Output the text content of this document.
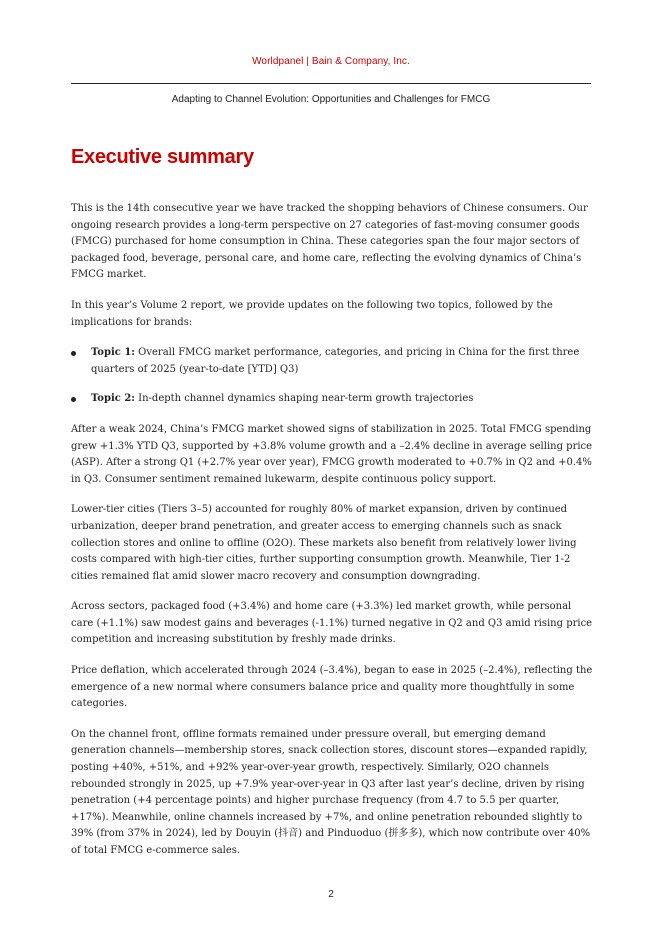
Worldpanel | Bain & Company, Inc.
Adapting to Channel Evolution: Opportunities and Challenges for FMCG
Executive summary

This is the 14th consecutive year we have tracked the shopping behaviors of Chinese consumers. Our ongoing research provides a long-term perspective on 27 categories of fast-moving consumer goods (FMCG) purchased for home consumption in China. These categories span the four major sectors of packaged food, beverage, personal care, and home care, reflecting the evolving dynamics of China’s FMCG market.

In this year’s Volume 2 report, we provide updates on the following two topics, followed by the implications for brands:

Topic 1: Overall FMCG market performance, categories, and pricing in China for the first three quarters of 2025 (year-to-date [YTD] Q3)
Topic 2: In-depth channel dynamics shaping near-term growth trajectories

After a weak 2024, China’s FMCG market showed signs of stabilization in 2025. Total FMCG spending grew +1.3% YTD Q3, supported by +3.8% volume growth and a –2.4% decline in average selling price (ASP). After a strong Q1 (+2.7% year over year), FMCG growth moderated to +0.7% in Q2 and +0.4% in Q3. Consumer sentiment remained lukewarm, despite continuous policy support.

Lower-tier cities (Tiers 3–5) accounted for roughly 80% of market expansion, driven by continued urbanization, deeper brand penetration, and greater access to emerging channels such as snack collection stores and online to offline (O2O). These markets also benefit from relatively lower living costs compared with high-tier cities, further supporting consumption growth. Meanwhile, Tier 1-2 cities remained flat amid slower macro recovery and consumption downgrading.

Across sectors, packaged food (+3.4%) and home care (+3.3%) led market growth, while personal care (+1.1%) saw modest gains and beverages (-1.1%) turned negative in Q2 and Q3 amid rising price competition and increasing substitution by freshly made drinks.

Price deflation, which accelerated through 2024 (–3.4%), began to ease in 2025 (–2.4%), reflecting the emergence of a new normal where consumers balance price and quality more thoughtfully in some categories.

On the channel front, offline formats remained under pressure overall, but emerging demand generation channels—membership stores, snack collection stores, discount stores—expanded rapidly, posting +40%, +51%, and +92% year-over-year growth, respectively. Similarly, O2O channels rebounded strongly in 2025, up +7.9% year-over-year in Q3 after last year’s decline, driven by rising penetration (+4 percentage points) and higher purchase frequency (from 4.7 to 5.5 per quarter, +17%). Meanwhile, online channels increased by +7%, and online penetration rebounded slightly to 39% (from 37% in 2024), led by Douyin (抖音) and Pinduoduo (拼多多), which now contribute over 40% of total FMCG e-commerce sales.

2
